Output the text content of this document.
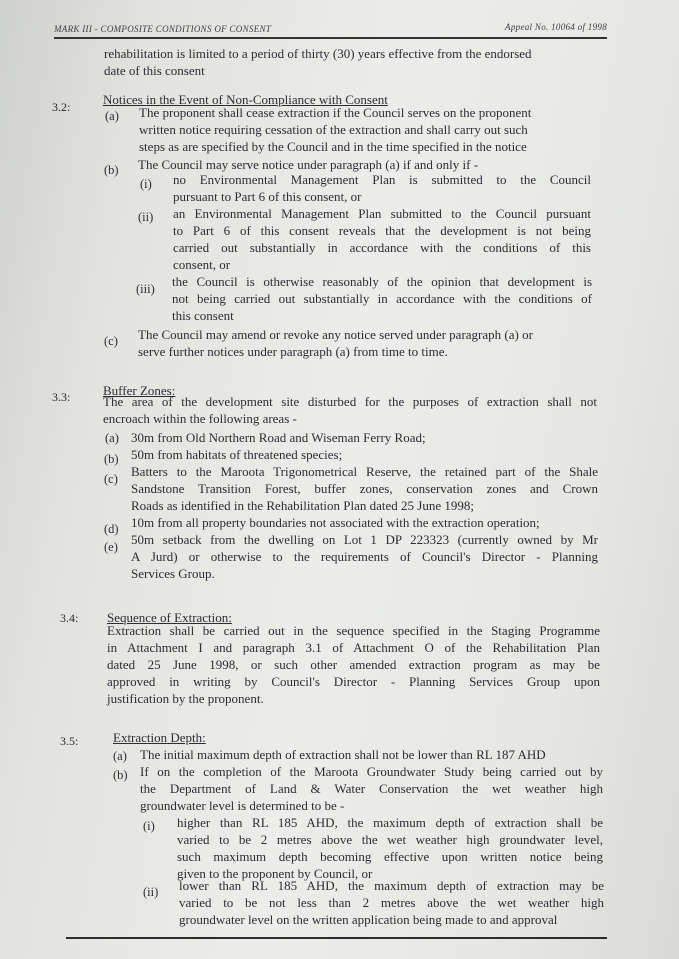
MARK III - COMPOSITE CONDITIONS OF CONSENT	Appeal No. 10064 of 1998
rehabilitation is limited to a period of thirty (30) years effective from the endorsed
date of this consent
3.2:	Notices in the Event of Non-Compliance with Consent
(a) The proponent shall cease extraction if the Council serves on the proponent
written notice requiring cessation of the extraction and shall carry out such
steps as are specified by the Council and in the time specified in the notice
(b) The Council may serve notice under paragraph (a) if and only if -
(i) no Environmental Management Plan is submitted to the Council
pursuant to Part 6 of this consent, or
(ii) an Environmental Management Plan submitted to the Council pursuant
to Part 6 of this consent reveals that the development is not being
carried out substantially in accordance with the conditions of this
consent, or
(iii) the Council is otherwise reasonably of the opinion that development is
not being carried out substantially in accordance with the conditions of
this consent
(c) The Council may amend or revoke any notice served under paragraph (a) or
serve further notices under paragraph (a) from time to time.
3.3:	Buffer Zones:
The area of the development site disturbed for the purposes of extraction shall not
encroach within the following areas -
(a) 30m from Old Northern Road and Wiseman Ferry Road;
(b) 50m from habitats of threatened species;
(c) Batters to the Maroota Trigonometrical Reserve, the retained part of the Shale
Sandstone Transition Forest, buffer zones, conservation zones and Crown
Roads as identified in the Rehabilitation Plan dated 25 June 1998;
(d) 10m from all property boundaries not associated with the extraction operation;
(e) 50m setback from the dwelling on Lot 1 DP 223323 (currently owned by Mr
A Jurd) or otherwise to the requirements of Council's Director - Planning
Services Group.
3.4: Sequence of Extraction:
Extraction shall be carried out in the sequence specified in the Staging Programme
in Attachment I and paragraph 3.1 of Attachment O of the Rehabilitation Plan
dated 25 June 1998, or such other amended extraction program as may be
approved in writing by Council's Director - Planning Services Group upon
justification by the proponent.
3.5:	Extraction Depth:
(a) The initial maximum depth of extraction shall not be lower than RL 187 AHD
(b) If on the completion of the Maroota Groundwater Study being carried out by
the Department of Land & Water Conservation the wet weather high
groundwater level is determined to be -
(i) higher than RL 185 AHD, the maximum depth of extraction shall be
varied to be 2 metres above the wet weather high groundwater level,
such maximum depth becoming effective upon written notice being
given to the proponent by Council, or
(ii) lower than RL 185 AHD, the maximum depth of extraction may be
varied to be not less than 2 metres above the wet weather high
groundwater level on the written application being made to and approval
